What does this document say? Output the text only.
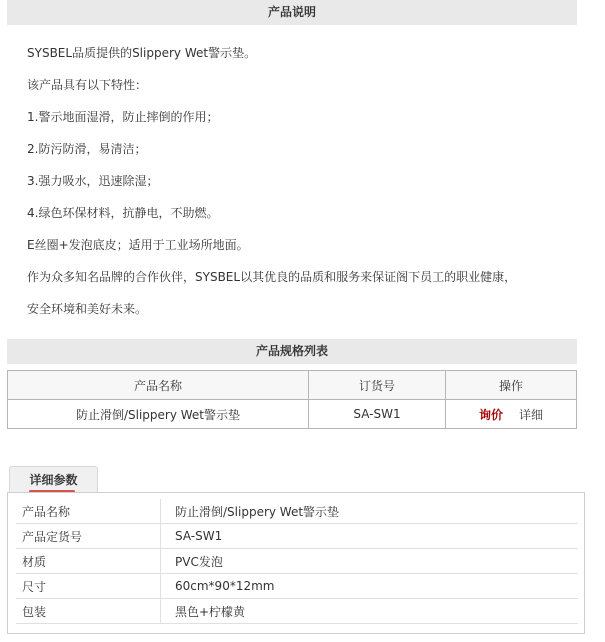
产品说明

SYSBEL品质提供的Slippery Wet警示垫。

该产品具有以下特性：

1.警示地面湿滑，防止摔倒的作用；

2.防污防滑，易清洁；

3.强力吸水，迅速除湿；

4.绿色环保材料，抗静电，不助燃。

E丝圈+发泡底皮；适用于工业场所地面。

作为众多知名品牌的合作伙伴，SYSBEL以其优良的品质和服务来保证阁下员工的职业健康，

安全环境和美好未来。

产品规格列表
产品名称	订货号	操作
防止滑倒/Slippery Wet警示垫	SA-SW1	询价 详细
详细参数
产品名称	防止滑倒/Slippery Wet警示垫
产品定货号	SA-SW1
材质	PVC发泡
尺寸	60cm*90*12mm
包装	黑色+柠檬黄
